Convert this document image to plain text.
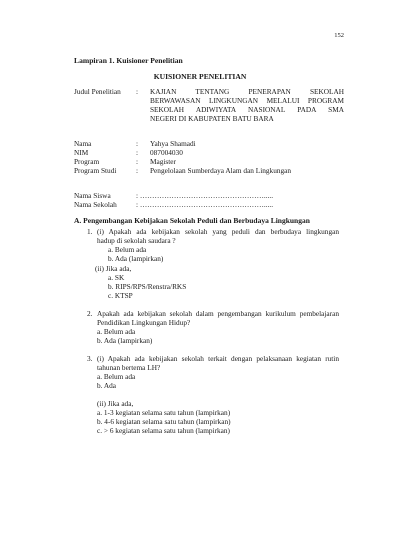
152
Lampiran 1. Kuisioner Penelitian
KUISIONER PENELITIAN
Judul Penelitian : KAJIAN TENTANG PENERAPAN SEKOLAH
BERWAWASAN LINGKUNGAN MELALUI PROGRAM
SEKOLAH ADIWIYATA NASIONAL PADA SMA
NEGERI DI KABUPATEN BATU BARA
Nama	: Yahya Shamadi
NIM	: 087004030
Program	: Magister
Program Studi	: Pengelolaan Sumberdaya Alam dan Lingkungan
Nama Siswa	: …………………………………………….....
Nama Sekolah	: …………………………………………….....
A. Pengembangan Kebijakan Sekolah Peduli dan Berbudaya Lingkungan
1. (i) Apakah ada kebijakan sekolah yang peduli dan berbudaya lingkungan
hadup di sekolah saudara ?
a. Belum ada
b. Ada (lampirkan)
(ii) Jika ada,
a. SK
b. RIPS/RPS/Renstra/RKS
c. KTSP
2. Apakah ada kebijakan sekolah dalam pengembangan kurikulum pembelajaran
Pendidikan Lingkungan Hidup?
a. Belum ada
b. Ada (lampirkan)
3. (i) Apakah ada kebijakan sekolah terkait dengan pelaksanaan kegiatan rutin
tahunan bertema LH?
a. Belum ada
b. Ada
(ii) Jika ada,
a. 1-3 kegiatan selama satu tahun (lampirkan)
b. 4-6 kegiatan selama satu tahun (lampirkan)
c. > 6 kegiatan selama satu tahun (lampirkan)
